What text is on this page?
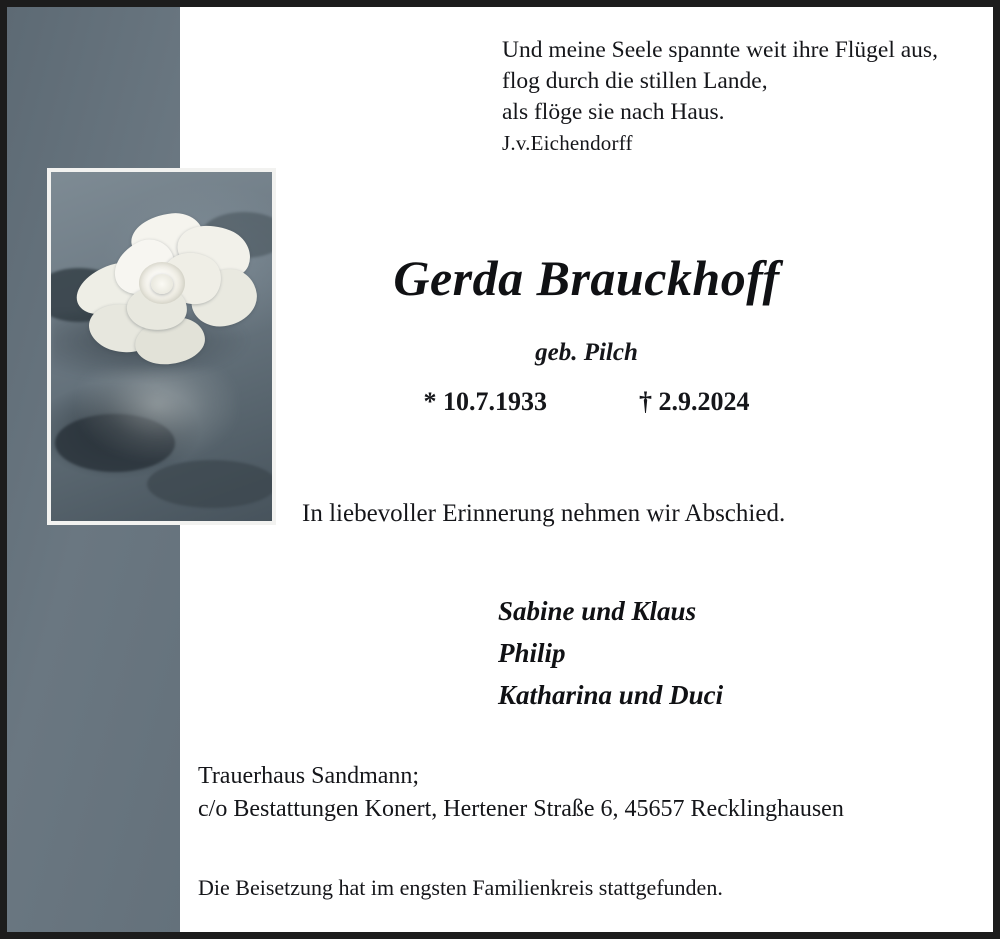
Und meine Seele spannte weit ihre Flügel aus,
flog durch die stillen Lande,
als flöge sie nach Haus.
J.v.Eichendorff
Gerda Brauckhoff
geb. Pilch
* 10.7.1933	† 2.9.2024
In liebevoller Erinnerung nehmen wir Abschied.
Sabine und Klaus
Philip
Katharina und Duci
Trauerhaus Sandmann;
c/o Bestattungen Konert, Hertener Straße 6, 45657 Recklinghausen
Die Beisetzung hat im engsten Familienkreis stattgefunden.
